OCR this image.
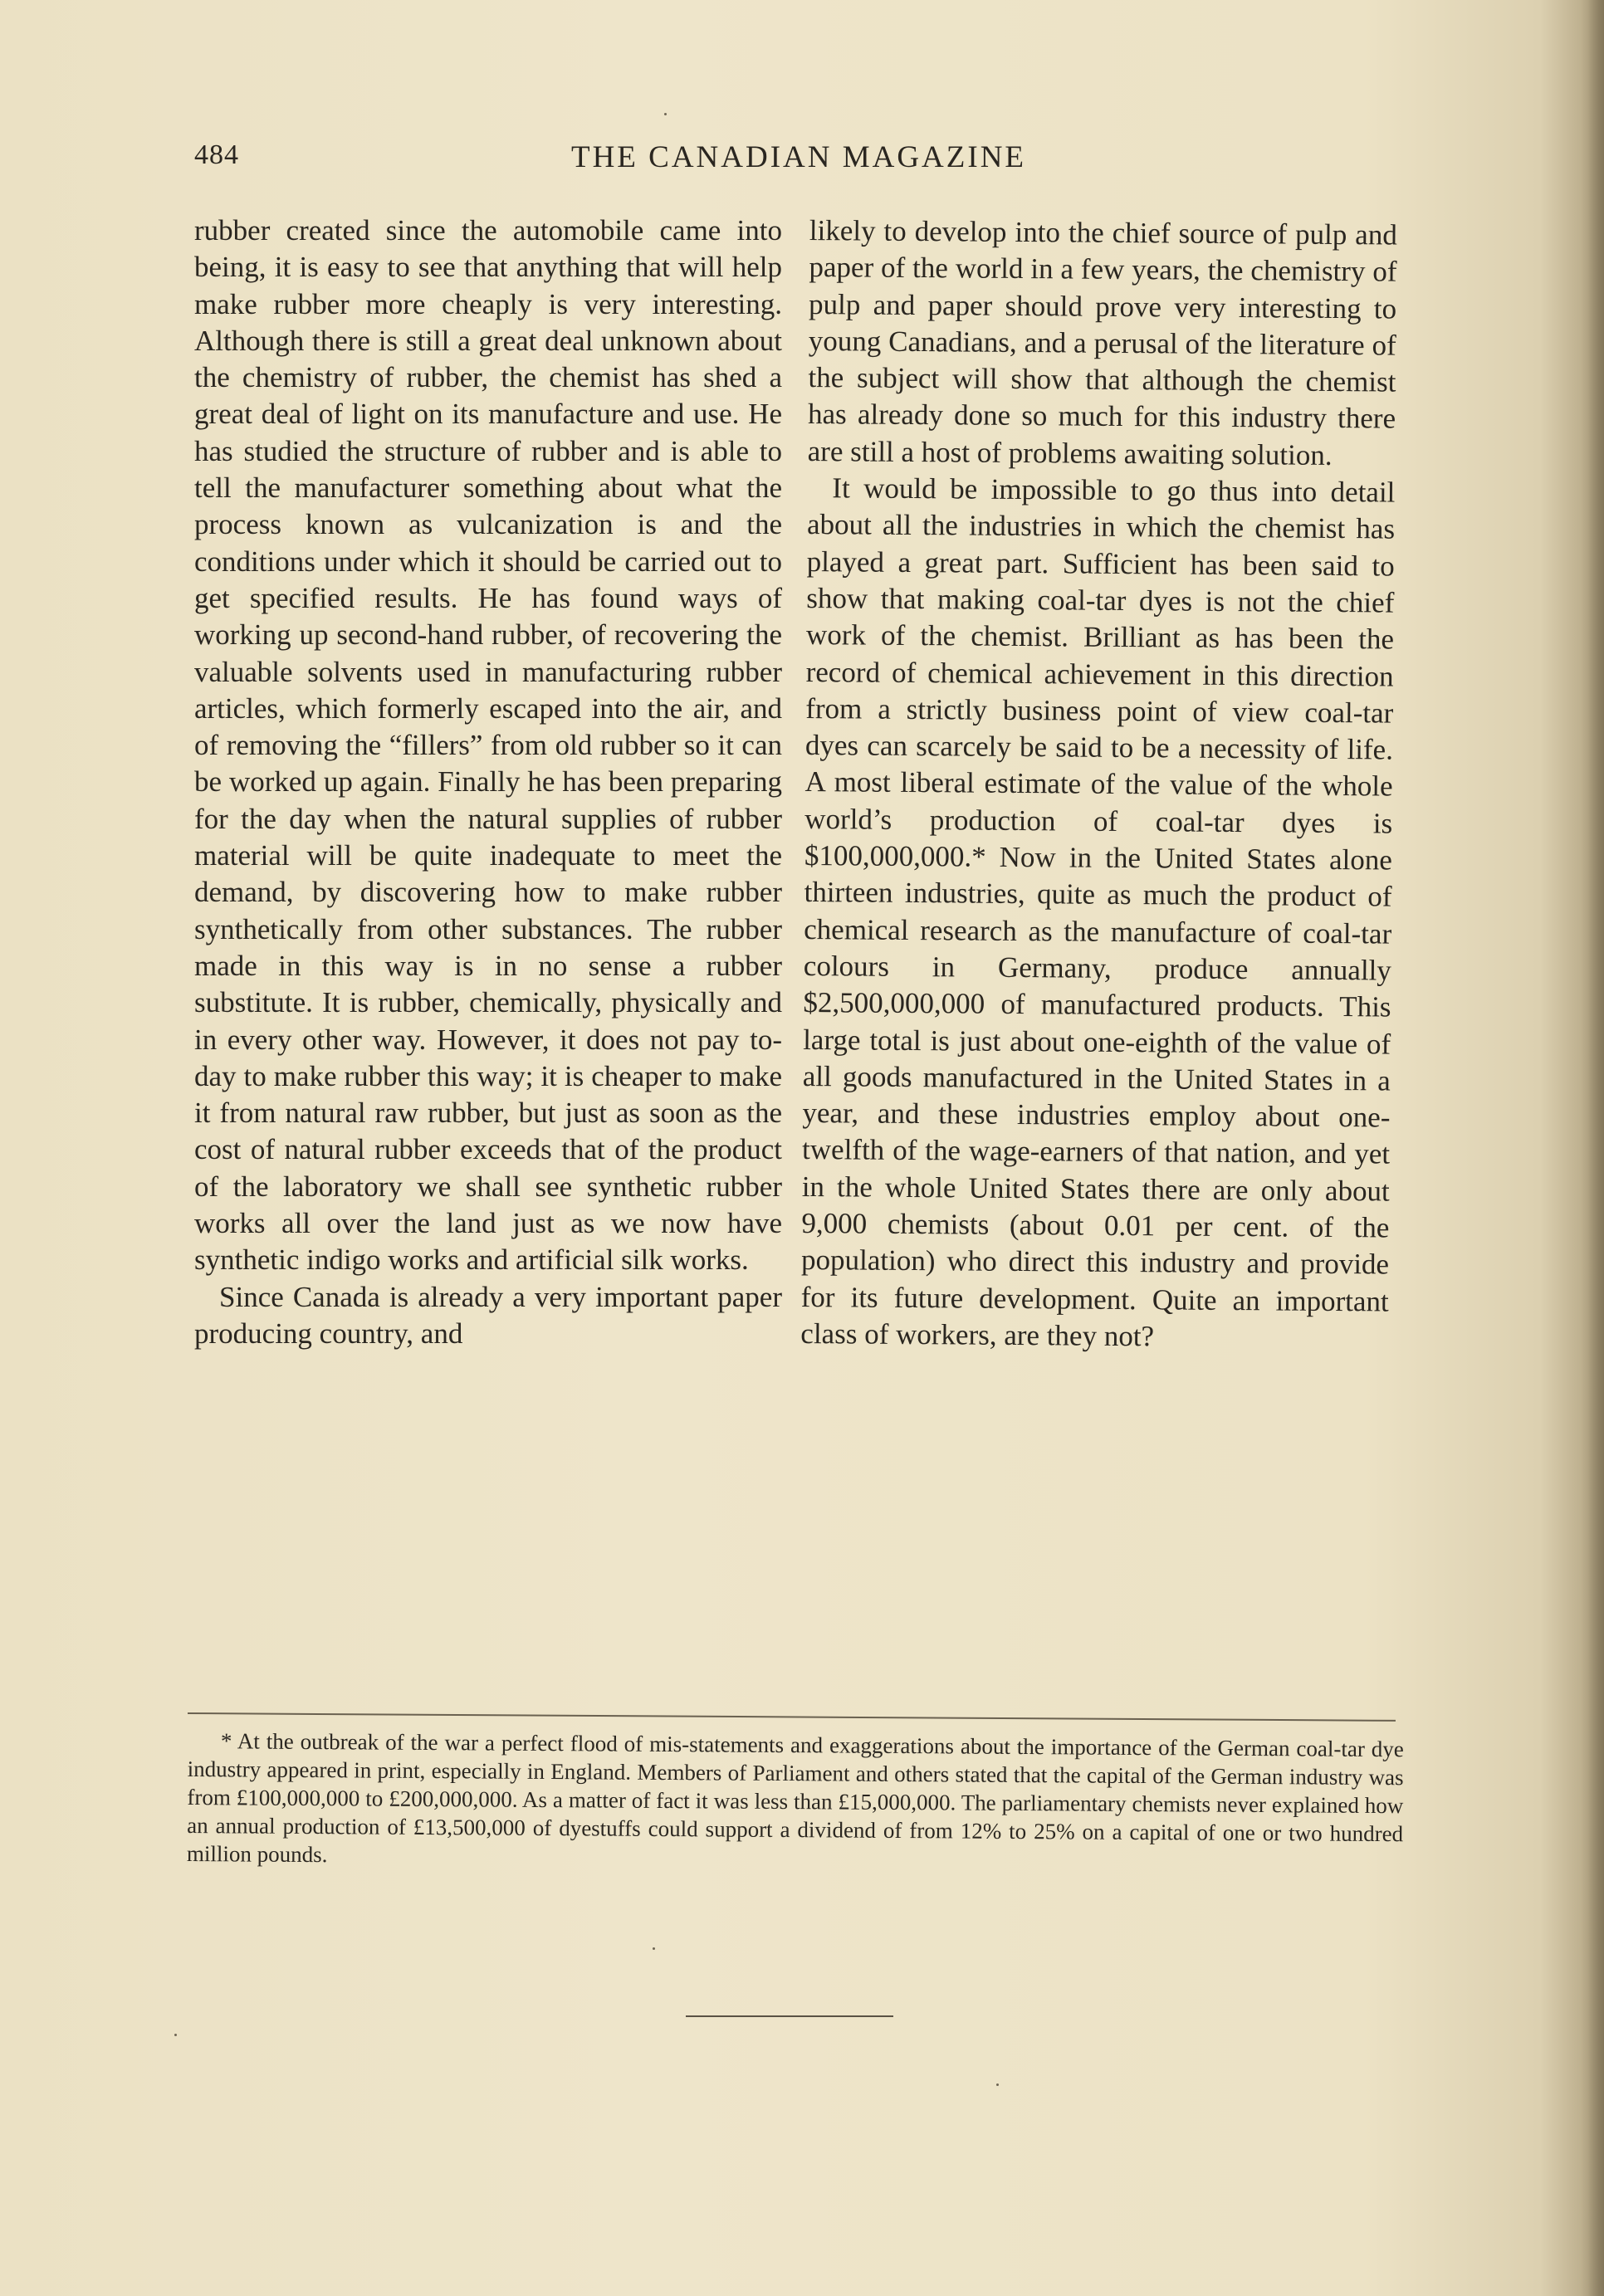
484	THE CANADIAN MAGAZINE

rubber created since the automobile came into being, it is easy to see that anything that will help make rubber more cheaply is very interesting. Although there is still a great deal unknown about the chemistry of rubber, the chemist has shed a great deal of light on its manufacture and use. He has studied the structure of rubber and is able to tell the manufacturer something about what the process known as vulcanization is and the conditions under which it should be carried out to get specified results. He has found ways of working up second-hand rubber, of recovering the valuable solvents used in manufacturing rubber articles, which formerly escaped into the air, and of removing the “fillers” from old rubber so it can be worked up again. Finally he has been preparing for the day when the natural supplies of rubber material will be quite inadequate to meet the demand, by discovering how to make rubber synthetically from other substances. The rubber made in this way is in no sense a rubber substitute. It is rubber, chemically, physically and in every other way. However, it does not pay to-day to make rubber this way; it is cheaper to make it from natural raw rubber, but just as soon as the cost of natural rubber exceeds that of the product of the laboratory we shall see synthetic rubber works all over the land just as we now have synthetic indigo works and artificial silk works.

Since Canada is already a very important paper producing country, and

likely to develop into the chief source of pulp and paper of the world in a few years, the chemistry of pulp and paper should prove very interesting to young Canadians, and a perusal of the literature of the subject will show that although the chemist has already done so much for this industry there are still a host of problems awaiting solution.

It would be impossible to go thus into detail about all the industries in which the chemist has played a great part. Sufficient has been said to show that making coal-tar dyes is not the chief work of the chemist. Brilliant as has been the record of chemical achievement in this direction from a strictly business point of view coal-tar dyes can scarcely be said to be a necessity of life. A most liberal estimate of the value of the whole world’s production of coal-tar dyes is $100,000,000.* Now in the United States alone thirteen industries, quite as much the product of chemical research as the manufacture of coal-tar colours in Germany, produce annually $2,500,000,000 of manufactured products. This large total is just about one-eighth of the value of all goods manufactured in the United States in a year, and these industries employ about one-twelfth of the wage-earners of that nation, and yet in the whole United States there are only about 9,000 chemists (about 0.01 per cent. of the population) who direct this industry and provide for its future development. Quite an important class of workers, are they not?

* At the outbreak of the war a perfect flood of mis-statements and exaggerations about the importance of the German coal-tar dye industry appeared in print, especially in England. Members of Parliament and others stated that the capital of the German industry was from £100,000,000 to £200,000,000. As a matter of fact it was less than £15,000,000. The parliamentary chemists never explained how an annual production of £13,500,000 of dyestuffs could support a dividend of from 12% to 25% on a capital of one or two hundred million pounds.
